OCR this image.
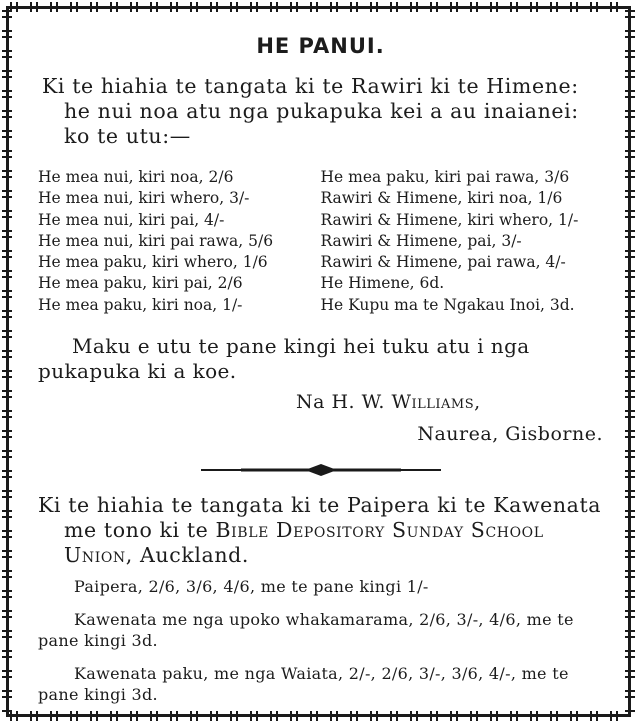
HE PANUI.

Ki te hiahia te tangata ki te Rawiri ki te Himene: he nui noa atu nga pukapuka kei a au inaianei: ko te utu:—

He mea nui, kiri noa, 2/6
He mea nui, kiri whero, 3/-
He mea nui, kiri pai, 4/-
He mea nui, kiri pai rawa, 5/6
He mea paku, kiri whero, 1/6
He mea paku, kiri pai, 2/6
He mea paku, kiri noa, 1/-
He mea paku, kiri pai rawa, 3/6
Rawiri & Himene, kiri noa, 1/6
Rawiri & Himene, kiri whero, 1/-
Rawiri & Himene, pai, 3/-
Rawiri & Himene, pai rawa, 4/-
He Himene, 6d.
He Kupu ma te Ngakau Inoi, 3d.

Maku e utu te pane kingi hei tuku atu i nga pukapuka ki a koe.

Na H. W. Williams,

Naurea, Gisborne.

Ki te hiahia te tangata ki te Paipera ki te Kawenata me tono ki te Bible Depository Sunday School Union, Auckland.

Paipera, 2/6, 3/6, 4/6, me te pane kingi 1/-

Kawenata me nga upoko whakamarama, 2/6, 3/-, 4/6, me te pane kingi 3d.

Kawenata paku, me nga Waiata, 2/-, 2/6, 3/-, 3/6, 4/-, me te pane kingi 3d.
